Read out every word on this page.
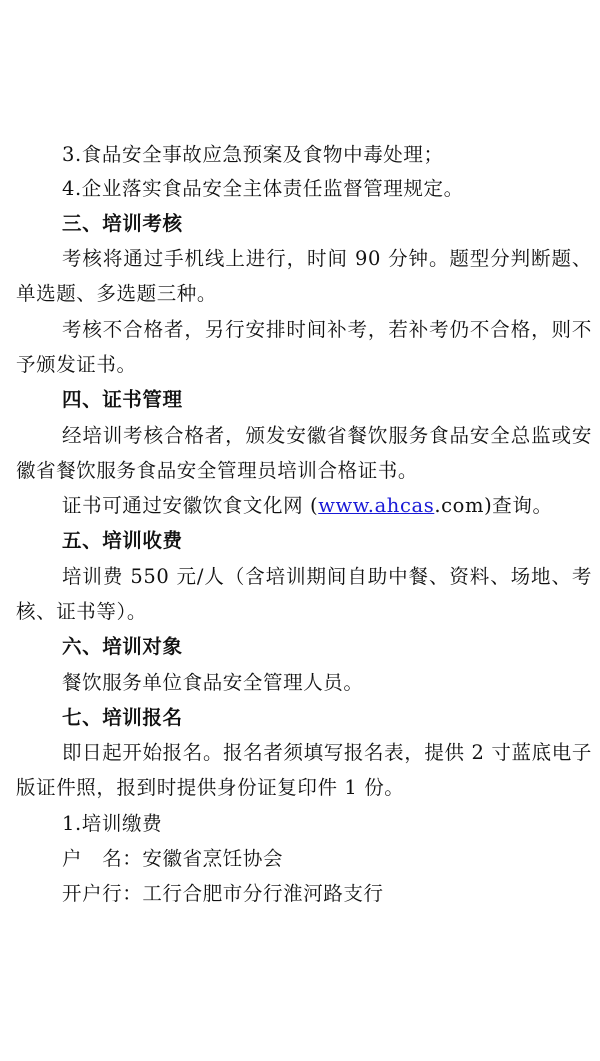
3.食品安全事故应急预案及食物中毒处理；
4.企业落实食品安全主体责任监督管理规定。
三、培训考核
考核将通过手机线上进行，时间 90 分钟。题型分判断题、
单选题、多选题三种。
考核不合格者，另行安排时间补考，若补考仍不合格，则不
予颁发证书。
四、证书管理
经培训考核合格者，颁发安徽省餐饮服务食品安全总监或安
徽省餐饮服务食品安全管理员培训合格证书。
证书可通过安徽饮食文化网 (www.ahcas.com)查询。
五、培训收费
培训费 550 元/人（含培训期间自助中餐、资料、场地、考
核、证书等）。
六、培训对象
餐饮服务单位食品安全管理人员。
七、培训报名
即日起开始报名。报名者须填写报名表，提供 2 寸蓝底电子
版证件照，报到时提供身份证复印件 1 份。
1.培训缴费
户　名：安徽省烹饪协会
开户行：工行合肥市分行淮河路支行
